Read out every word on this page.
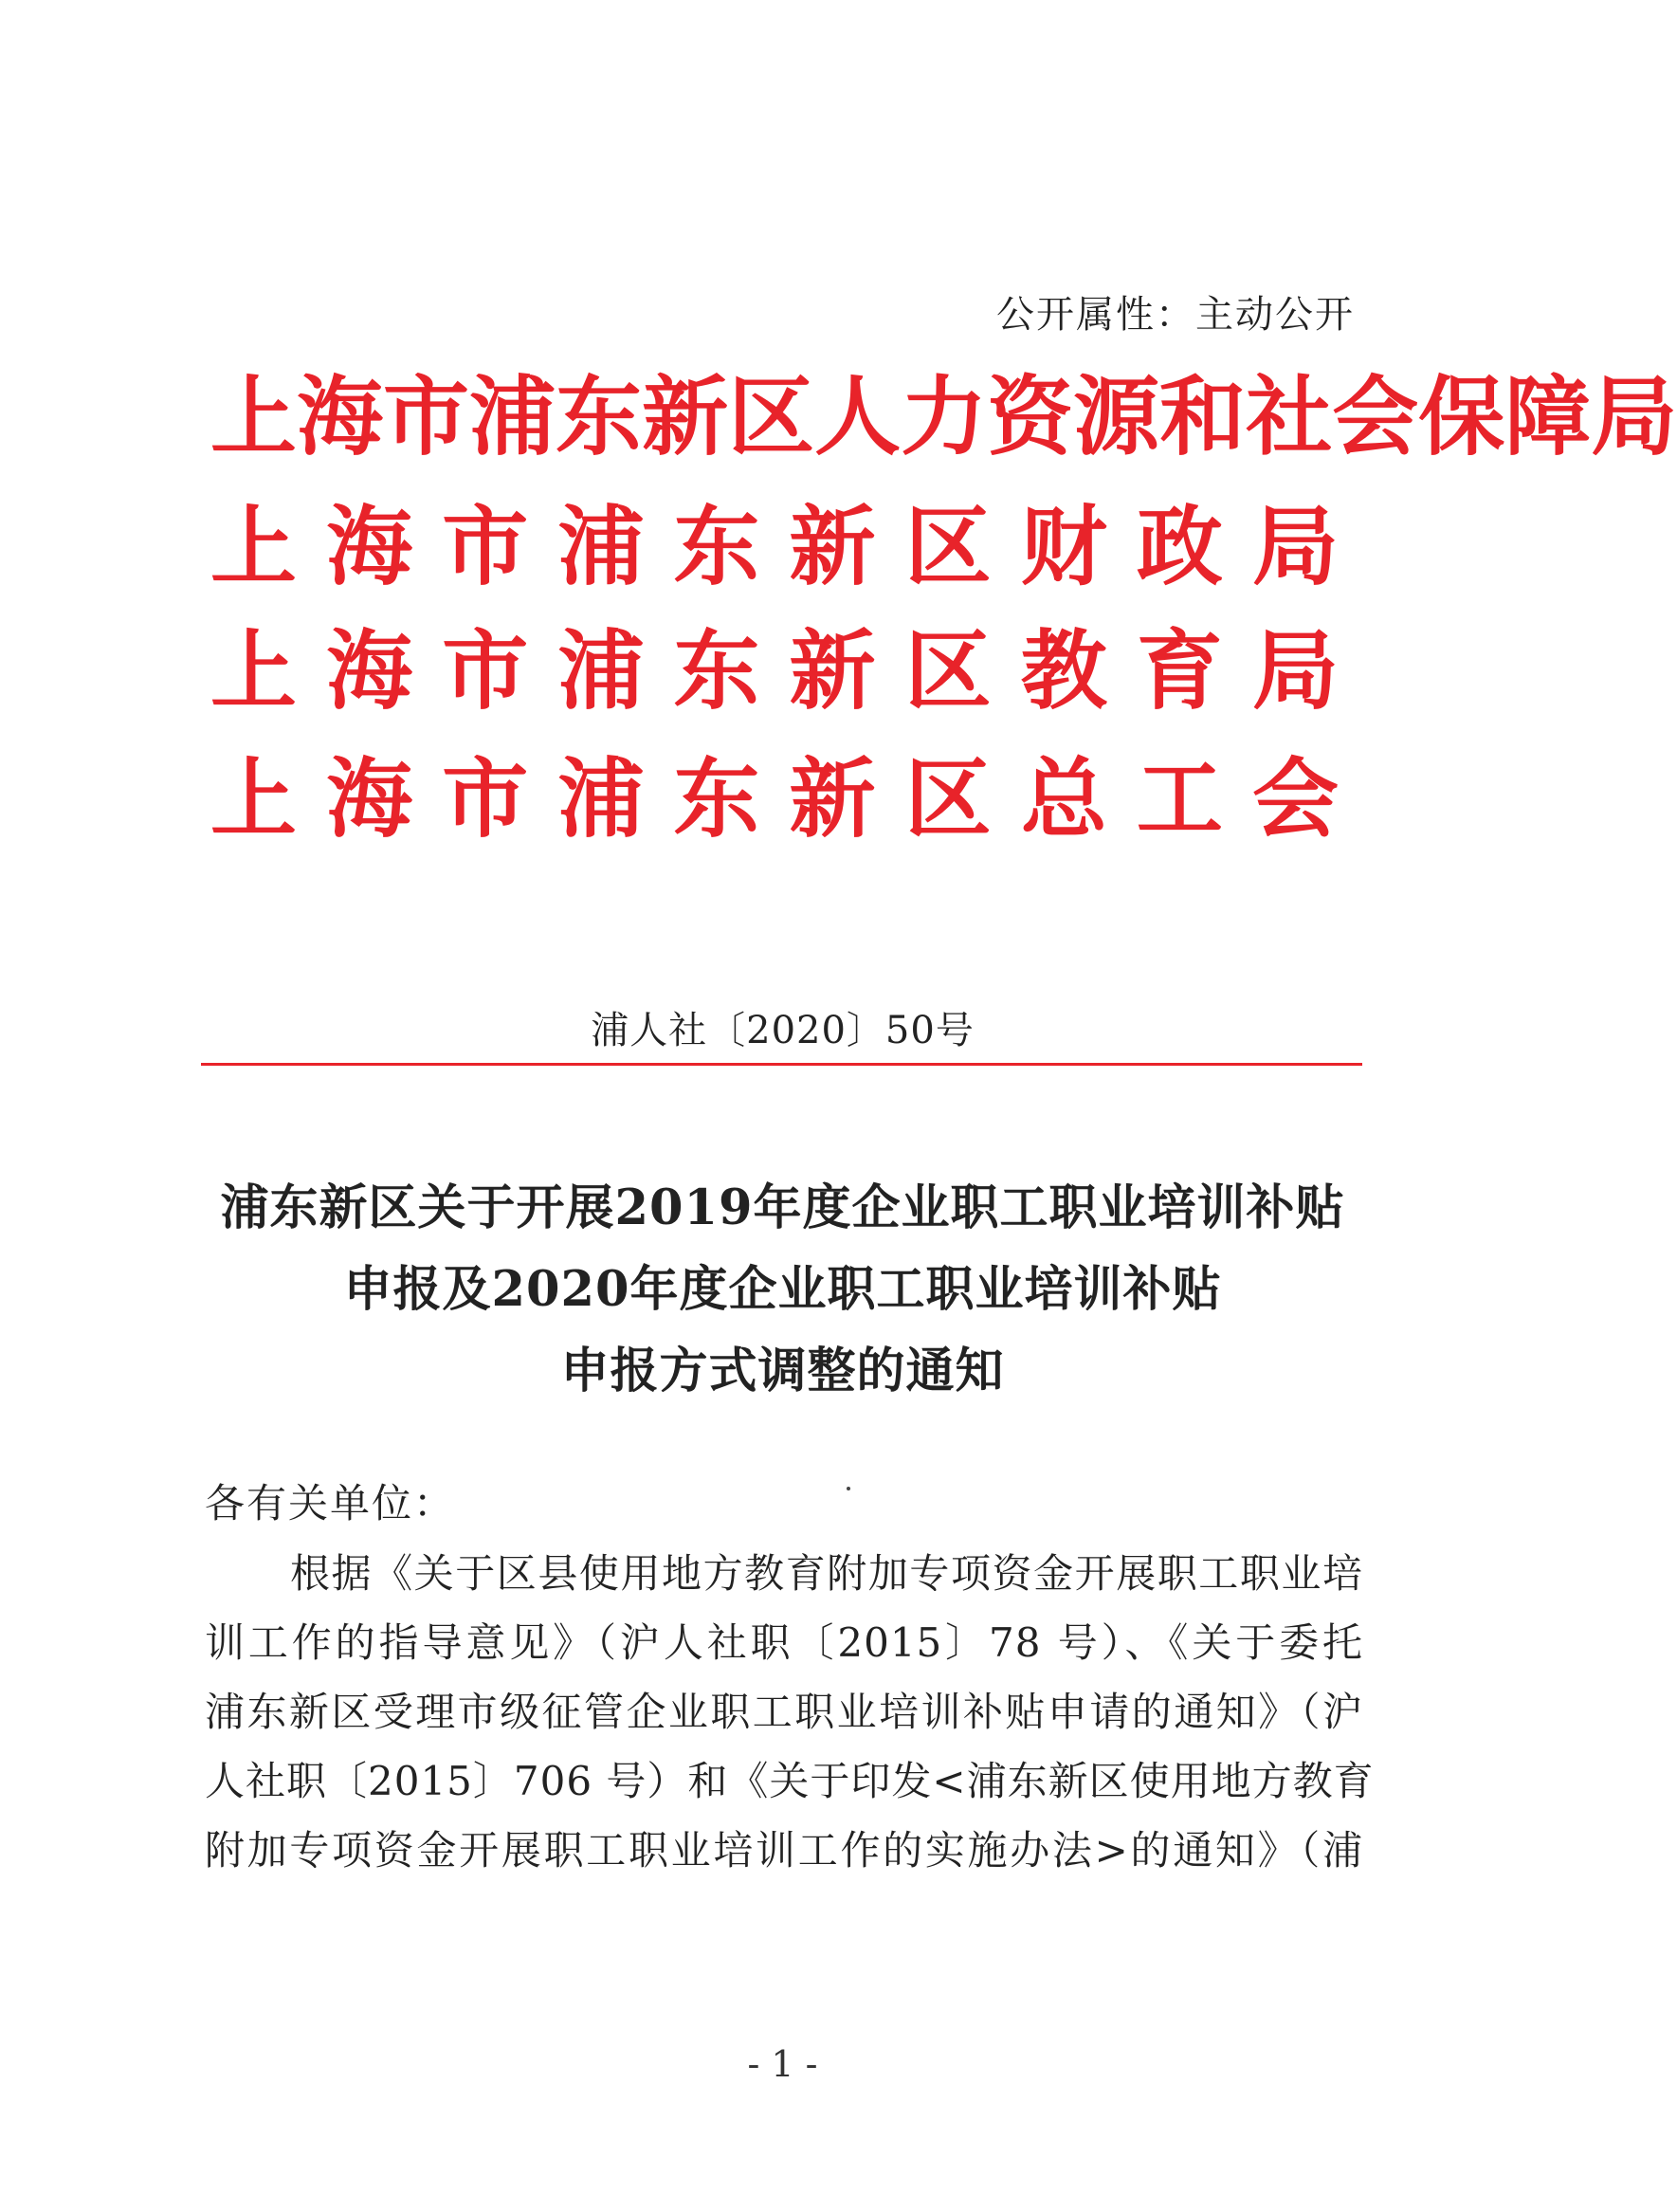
公开属性：主动公开
上 海 市 浦 东 新 区 人 力 资 源 和 社 会 保 障 局
上 海 市 浦 东 新 区 财 政 局
上 海 市 浦 东 新 区 教 育 局
上 海 市 浦 东 新 区 总 工 会
浦人社〔2020〕50号
浦东新区关于开展2019年度企业职工职业培训补贴
申报及2020年度企业职工职业培训补贴
申报方式调整的通知
各有关单位：
根据《关于区县使用地方教育附加专项资金开展职工职业培
训工作的指导意见》（沪人社职〔2015〕78 号）、《关于委托
浦东新区受理市级征管企业职工职业培训补贴申请的通知》（沪
人社职〔2015〕706 号）和《关于印发<浦东新区使用地方教育
附加专项资金开展职工职业培训工作的实施办法>的通知》（浦
- 1 -
